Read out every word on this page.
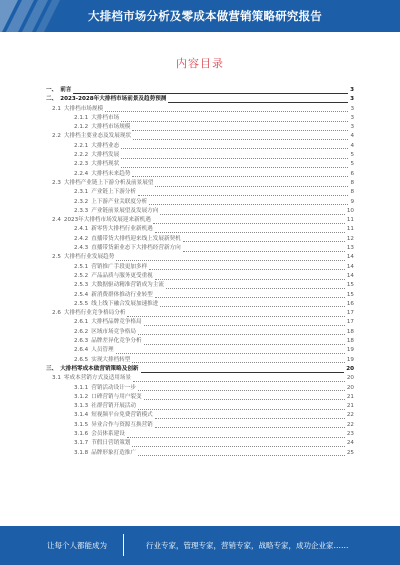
大排档市场分析及零成本做营销策略研究报告
内容目录
一、 前言	3
二、 2023-2028年大排档市场前景及趋势预测	3
2.1 大排档市场规模	3
2.1.1 大排档市场	3
2.1.2 大排档市场规模	3
2.2 大排档主要业态及发展现状	4
2.2.1 大排档业态	4
2.2.2 大排档发展	5
2.2.3 大排档现状	5
2.2.4 大排档未来趋势	6
2.3 大排档产业链上下游分析及前景展望	8
2.3.1 产业链上下游分析	8
2.3.2 上下游产业关联度分析	9
2.3.3 产业链前景展望及发展方向	10
2.4 2023年大排档市场发展迎来新机遇	11
2.4.1 新零售大排档行业新机遇	11
2.4.2 直播带货大排档迎来线上发展新契机	12
2.4.3 直播带货新业态下大排档经营新方向	13
2.5 大排档行业发展趋势	14
2.5.1 营销推广手段更加多样	14
2.5.2 产品品质与服务更受重视	14
2.5.3 大数据驱动精准营销成为主流	15
2.5.4 新消费群体推动行业转型	15
2.5.5 线上线下融合发展加速推进	16
2.6 大排档行业竞争格局分析	17
2.6.1 大排档品牌竞争格局	17
2.6.2 区域市场竞争格局	18
2.6.3 品牌差异化竞争分析	18
2.6.4 人员管理	19
2.6.5 实现大排档转型	19
三、 大排档零成本做营销策略及创新	20
3.1 零成本营销方式及适用场景	20
3.1.1 营销活动设计一步	20
3.1.2 口碑营销与用户裂变	21
3.1.3 社群营销开展活动	21
3.1.4 短视频平台免费营销模式	22
3.1.5 异业合作与资源互换营销	22
3.1.6 会员体系建设	23
3.1.7 节假日营销策划	24
3.1.8 品牌形象打造推广	25
让每个人都能成为	行业专家，管理专家，营销专家，战略专家，成功企业家……
